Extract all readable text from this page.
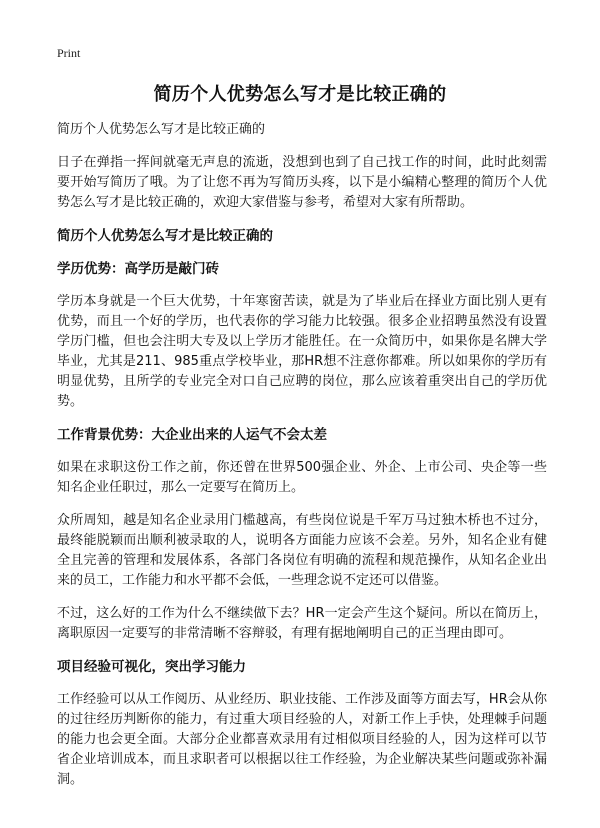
Print
简历个人优势怎么写才是比较正确的
简历个人优势怎么写才是比较正确的

日子在弹指一挥间就毫无声息的流逝，没想到也到了自己找工作的时间，此时此刻需要开始写简历了哦。为了让您不再为写简历头疼，以下是小编精心整理的简历个人优势怎么写才是比较正确的，欢迎大家借鉴与参考，希望对大家有所帮助。

简历个人优势怎么写才是比较正确的
学历优势：高学历是敲门砖

学历本身就是一个巨大优势，十年寒窗苦读，就是为了毕业后在择业方面比别人更有优势，而且一个好的学历，也代表你的学习能力比较强。很多企业招聘虽然没有设置学历门槛，但也会注明大专及以上学历才能胜任。在一众简历中，如果你是名牌大学毕业，尤其是211、985重点学校毕业，那HR想不注意你都难。所以如果你的学历有明显优势，且所学的专业完全对口自己应聘的岗位，那么应该着重突出自己的学历优势。

工作背景优势：大企业出来的人运气不会太差

如果在求职这份工作之前，你还曾在世界500强企业、外企、上市公司、央企等一些知名企业任职过，那么一定要写在简历上。

众所周知，越是知名企业录用门槛越高，有些岗位说是千军万马过独木桥也不过分，最终能脱颖而出顺利被录取的人，说明各方面能力应该不会差。另外，知名企业有健全且完善的管理和发展体系，各部门各岗位有明确的流程和规范操作，从知名企业出来的员工，工作能力和水平都不会低，一些理念说不定还可以借鉴。

不过，这么好的工作为什么不继续做下去？HR一定会产生这个疑问。所以在简历上，离职原因一定要写的非常清晰不容辩驳，有理有据地阐明自己的正当理由即可。

项目经验可视化，突出学习能力

工作经验可以从工作阅历、从业经历、职业技能、工作涉及面等方面去写，HR会从你的过往经历判断你的能力，有过重大项目经验的人，对新工作上手快，处理棘手问题的能力也会更全面。大部分企业都喜欢录用有过相似项目经验的人，因为这样可以节省企业培训成本，而且求职者可以根据以往工作经验，为企业解决某些问题或弥补漏洞。
